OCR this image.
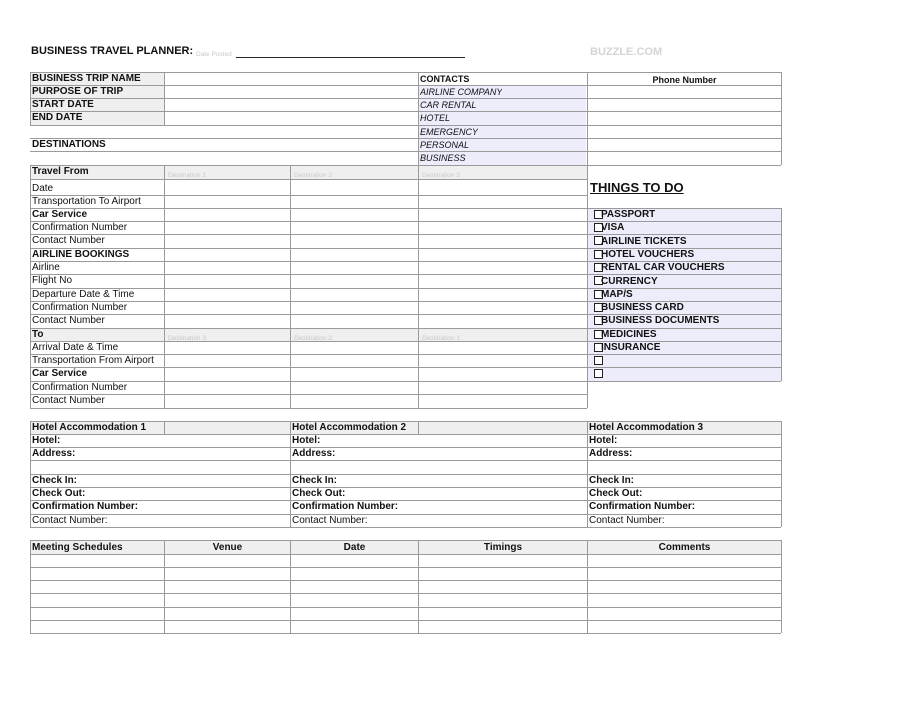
BUSINESS TRAVEL PLANNER: Date Posted	BUZZLE.COM
BUSINESS TRIP NAME
PURPOSE OF TRIP
START DATE
END DATE
DESTINATIONS
CONTACTS	Phone Number
AIRLINE COMPANY
CAR RENTAL
HOTEL
EMERGENCY
PERSONAL
BUSINESS
Travel From	Destination 1	Destination 2	Destination 3
Date
Transportation To Airport
Car Service
Confirmation Number
Contact Number
AIRLINE BOOKINGS
Airline
Flight No
Departure Date & Time
Confirmation Number
Contact Number
To	Destination 3	Destination 2	Destination 1
Arrival Date & Time
Transportation From Airport
Car Service
Confirmation Number
Contact Number
THINGS TO DO
PASSPORT
VISA
AIRLINE TICKETS
HOTEL VOUCHERS
RENTAL CAR VOUCHERS
CURRENCY
MAP/S
BUSINESS CARD
BUSINESS DOCUMENTS
MEDICINES
INSURANCE
Hotel Accommodation 1
Hotel:
Address:
Check In:
Check Out:
Confirmation Number:
Contact Number:
Hotel Accommodation 2
Hotel:
Address:
Check In:
Check Out:
Confirmation Number:
Contact Number:
Hotel Accommodation 3
Hotel:
Address:
Check In:
Check Out:
Confirmation Number:
Contact Number:
Meeting Schedules	Venue	Date	Timings	Comments
